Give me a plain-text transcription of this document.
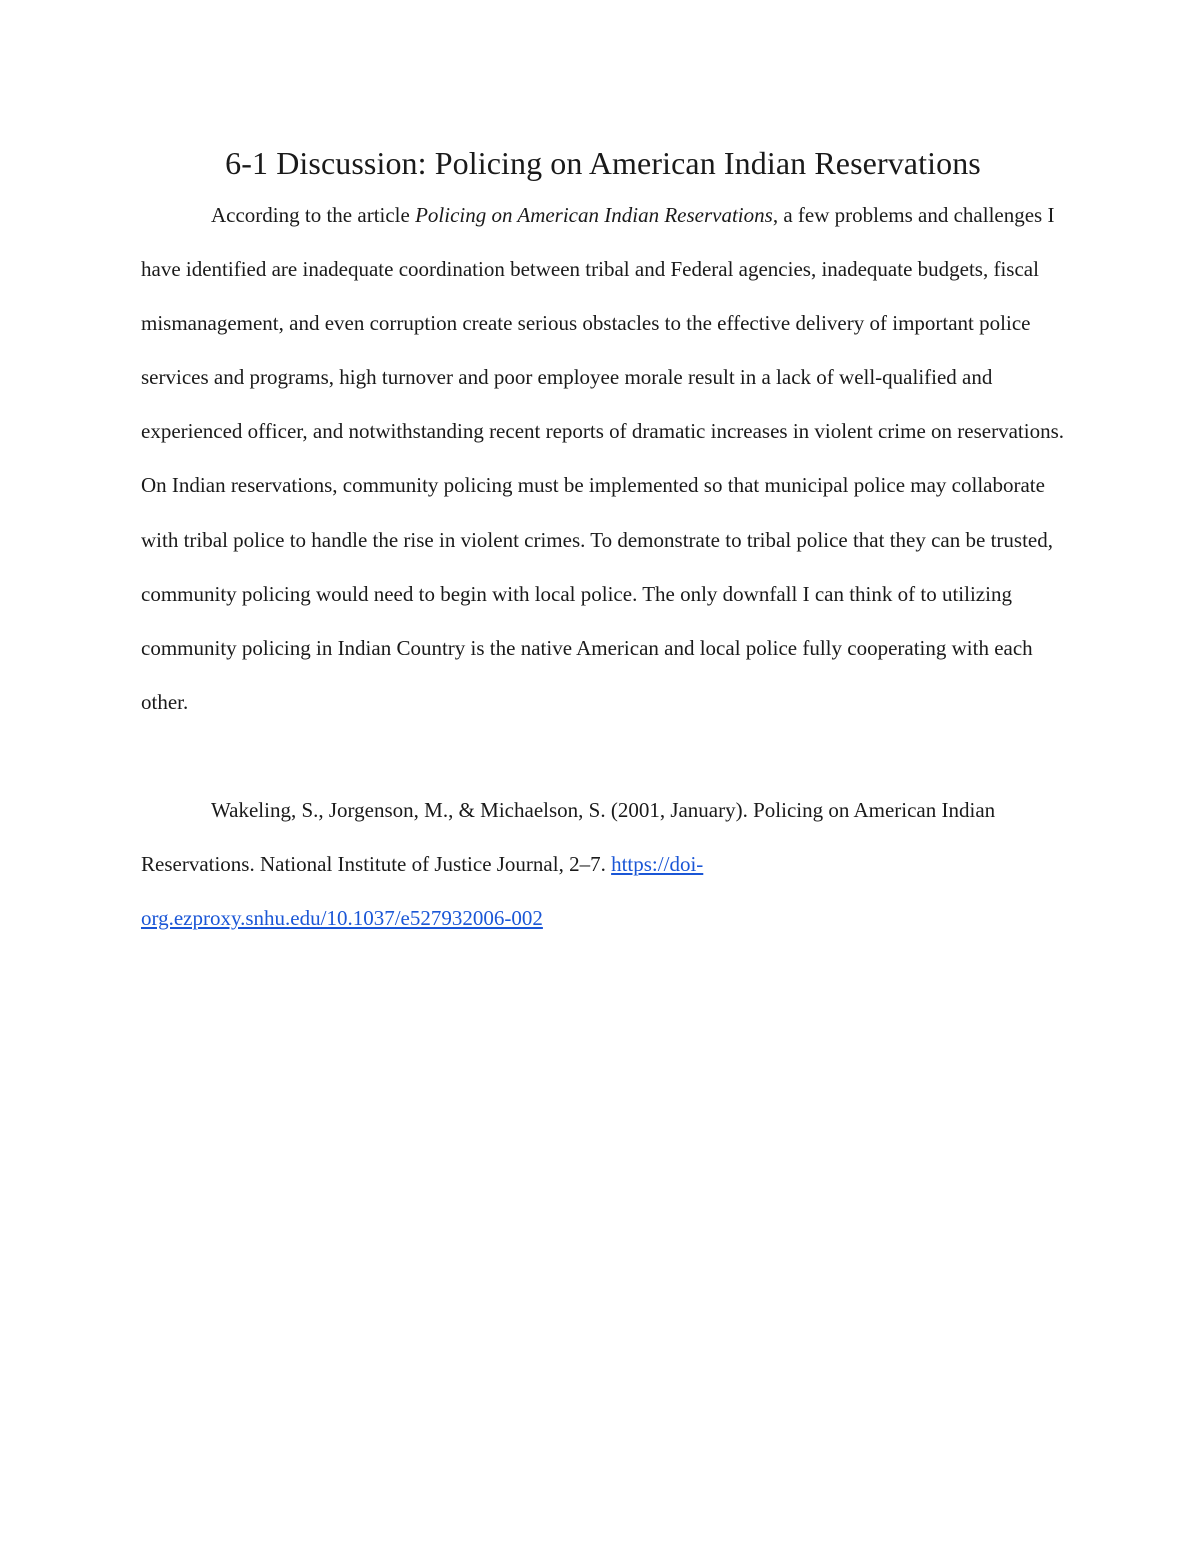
6-1 Discussion: Policing on American Indian Reservations

According to the article Policing on American Indian Reservations, a few problems and challenges I have identified are inadequate coordination between tribal and Federal agencies, inadequate budgets, fiscal mismanagement, and even corruption create serious obstacles to the effective delivery of important police services and programs, high turnover and poor employee morale result in a lack of well-qualified and experienced officer, and notwithstanding recent reports of dramatic increases in violent crime on reservations. On Indian reservations, community policing must be implemented so that municipal police may collaborate with tribal police to handle the rise in violent crimes. To demonstrate to tribal police that they can be trusted, community policing would need to begin with local police. The only downfall I can think of to utilizing community policing in Indian Country is the native American and local police fully cooperating with each other.

Wakeling, S., Jorgenson, M., & Michaelson, S. (2001, January). Policing on American Indian Reservations. National Institute of Justice Journal, 2–7. https://doi-org.ezproxy.snhu.edu/10.1037/e527932006-002
